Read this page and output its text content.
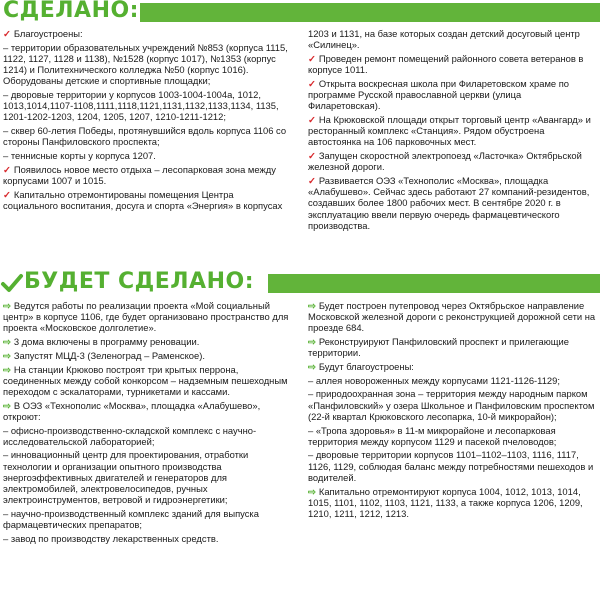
СДЕЛАНО:

✓ Благоустроены:

– территории образовательных учреждений №853 (корпуса 1115, 1122, 1127, 1128 и 1138), №1528 (корпус 1017), №1353 (корпус 1214) и Политехнического колледжа №50 (корпус 1016). Оборудованы детские и спортивные площадки;

– дворовые территории у корпусов 1003-1004-1004а, 1012, 1013,1014,1107-1108,1111,1118,1121,1131,1132,1133,1134, 1135, 1201-1202-1203, 1204, 1205, 1207, 1210-1211-1212;

– сквер 60-летия Победы, протянувшийся вдоль корпуса 1106 со стороны Панфиловского проспекта;

– теннисные корты у корпуса 1207.

✓ Появилось новое место отдыха – лесопарковая зона между корпусами 1007 и 1015.

✓ Капитально отремонтированы помещения Центра социального воспитания, досуга и спорта «Энергия» в корпусах

1203 и 1131, на базе которых создан детский досуговый центр «Силинец».

✓ Проведен ремонт помещений районного совета ветеранов в корпусе 1011.

✓ Открыта воскресная школа при Филаретовском храме по программе Русской православной церкви (улица Филаретовская).

✓ На Крюковской площади открыт торговый центр «Авангард» и ресторанный комплекс «Станция». Рядом обустроена автостоянка на 106 парковочных мест.

✓ Запущен скоростной электропоезд «Ласточка» Октябрьской железной дороги.

✓ Развивается ОЭЗ «Технополис «Москва», площадка «Алабушево». Сейчас здесь работают 27 компаний-резидентов, создавших более 1800 рабочих мест. В сентябре 2020 г. в эксплуатацию ввели первую очередь фармацевтического производства.

БУДЕТ СДЕЛАНО:

⇨ Ведутся работы по реализации проекта «Мой социальный центр» в корпусе 1106, где будет организовано пространство для проекта «Московское долголетие».

⇨ 3 дома включены в программу реновации.

⇨ Запустят МЦД-3 (Зеленоград – Раменское).

⇨ На станции Крюково построят три крытых перрона, соединенных между собой конкорсом – надземным пешеходным переходом с эскалаторами, турникетами и кассами.

⇨ В ОЭЗ «Технополис «Москва», площадка «Алабушево», откроют:

– офисно-производственно-складской комплекс с научно-исследовательской лабораторией;

– инновационный центр для проектирования, отработки технологии и организации опытного производства энергоэффективных двигателей и генераторов для электромобилей, электровелосипедов, ручных электроинструментов, ветровой и гидроэнергетики;

– научно-производственный комплекс зданий для выпуска фармацевтических препаратов;

– завод по производству лекарственных средств.

⇨ Будет построен путепровод через Октябрьское направление Московской железной дороги с реконструкцией дорожной сети на проезде 684.

⇨ Реконструируют Панфиловский проспект и прилегающие территории.

⇨ Будут благоустроены:

– аллея новороженных между корпусами 1121-1126-1129;

– природоохранная зона – территория между народным парком «Панфиловский» у озера Школьное и Панфиловским проспектом (22-й квартал Крюковского лесопарка, 10-й микрорайон);

– «Тропа здоровья» в 11-м микрорайоне и лесопарковая территория между корпусом 1129 и пасекой пчеловодов;

– дворовые территории корпусов 1101–1102–1103, 1116, 1117, 1126, 1129, соблюдая баланс между потребностями пешеходов и водителей.

⇨ Капитально отремонтируют корпуса 1004, 1012, 1013, 1014, 1015, 1101, 1102, 1103, 1121, 1133, а также корпуса 1206, 1209, 1210, 1211, 1212, 1213.
